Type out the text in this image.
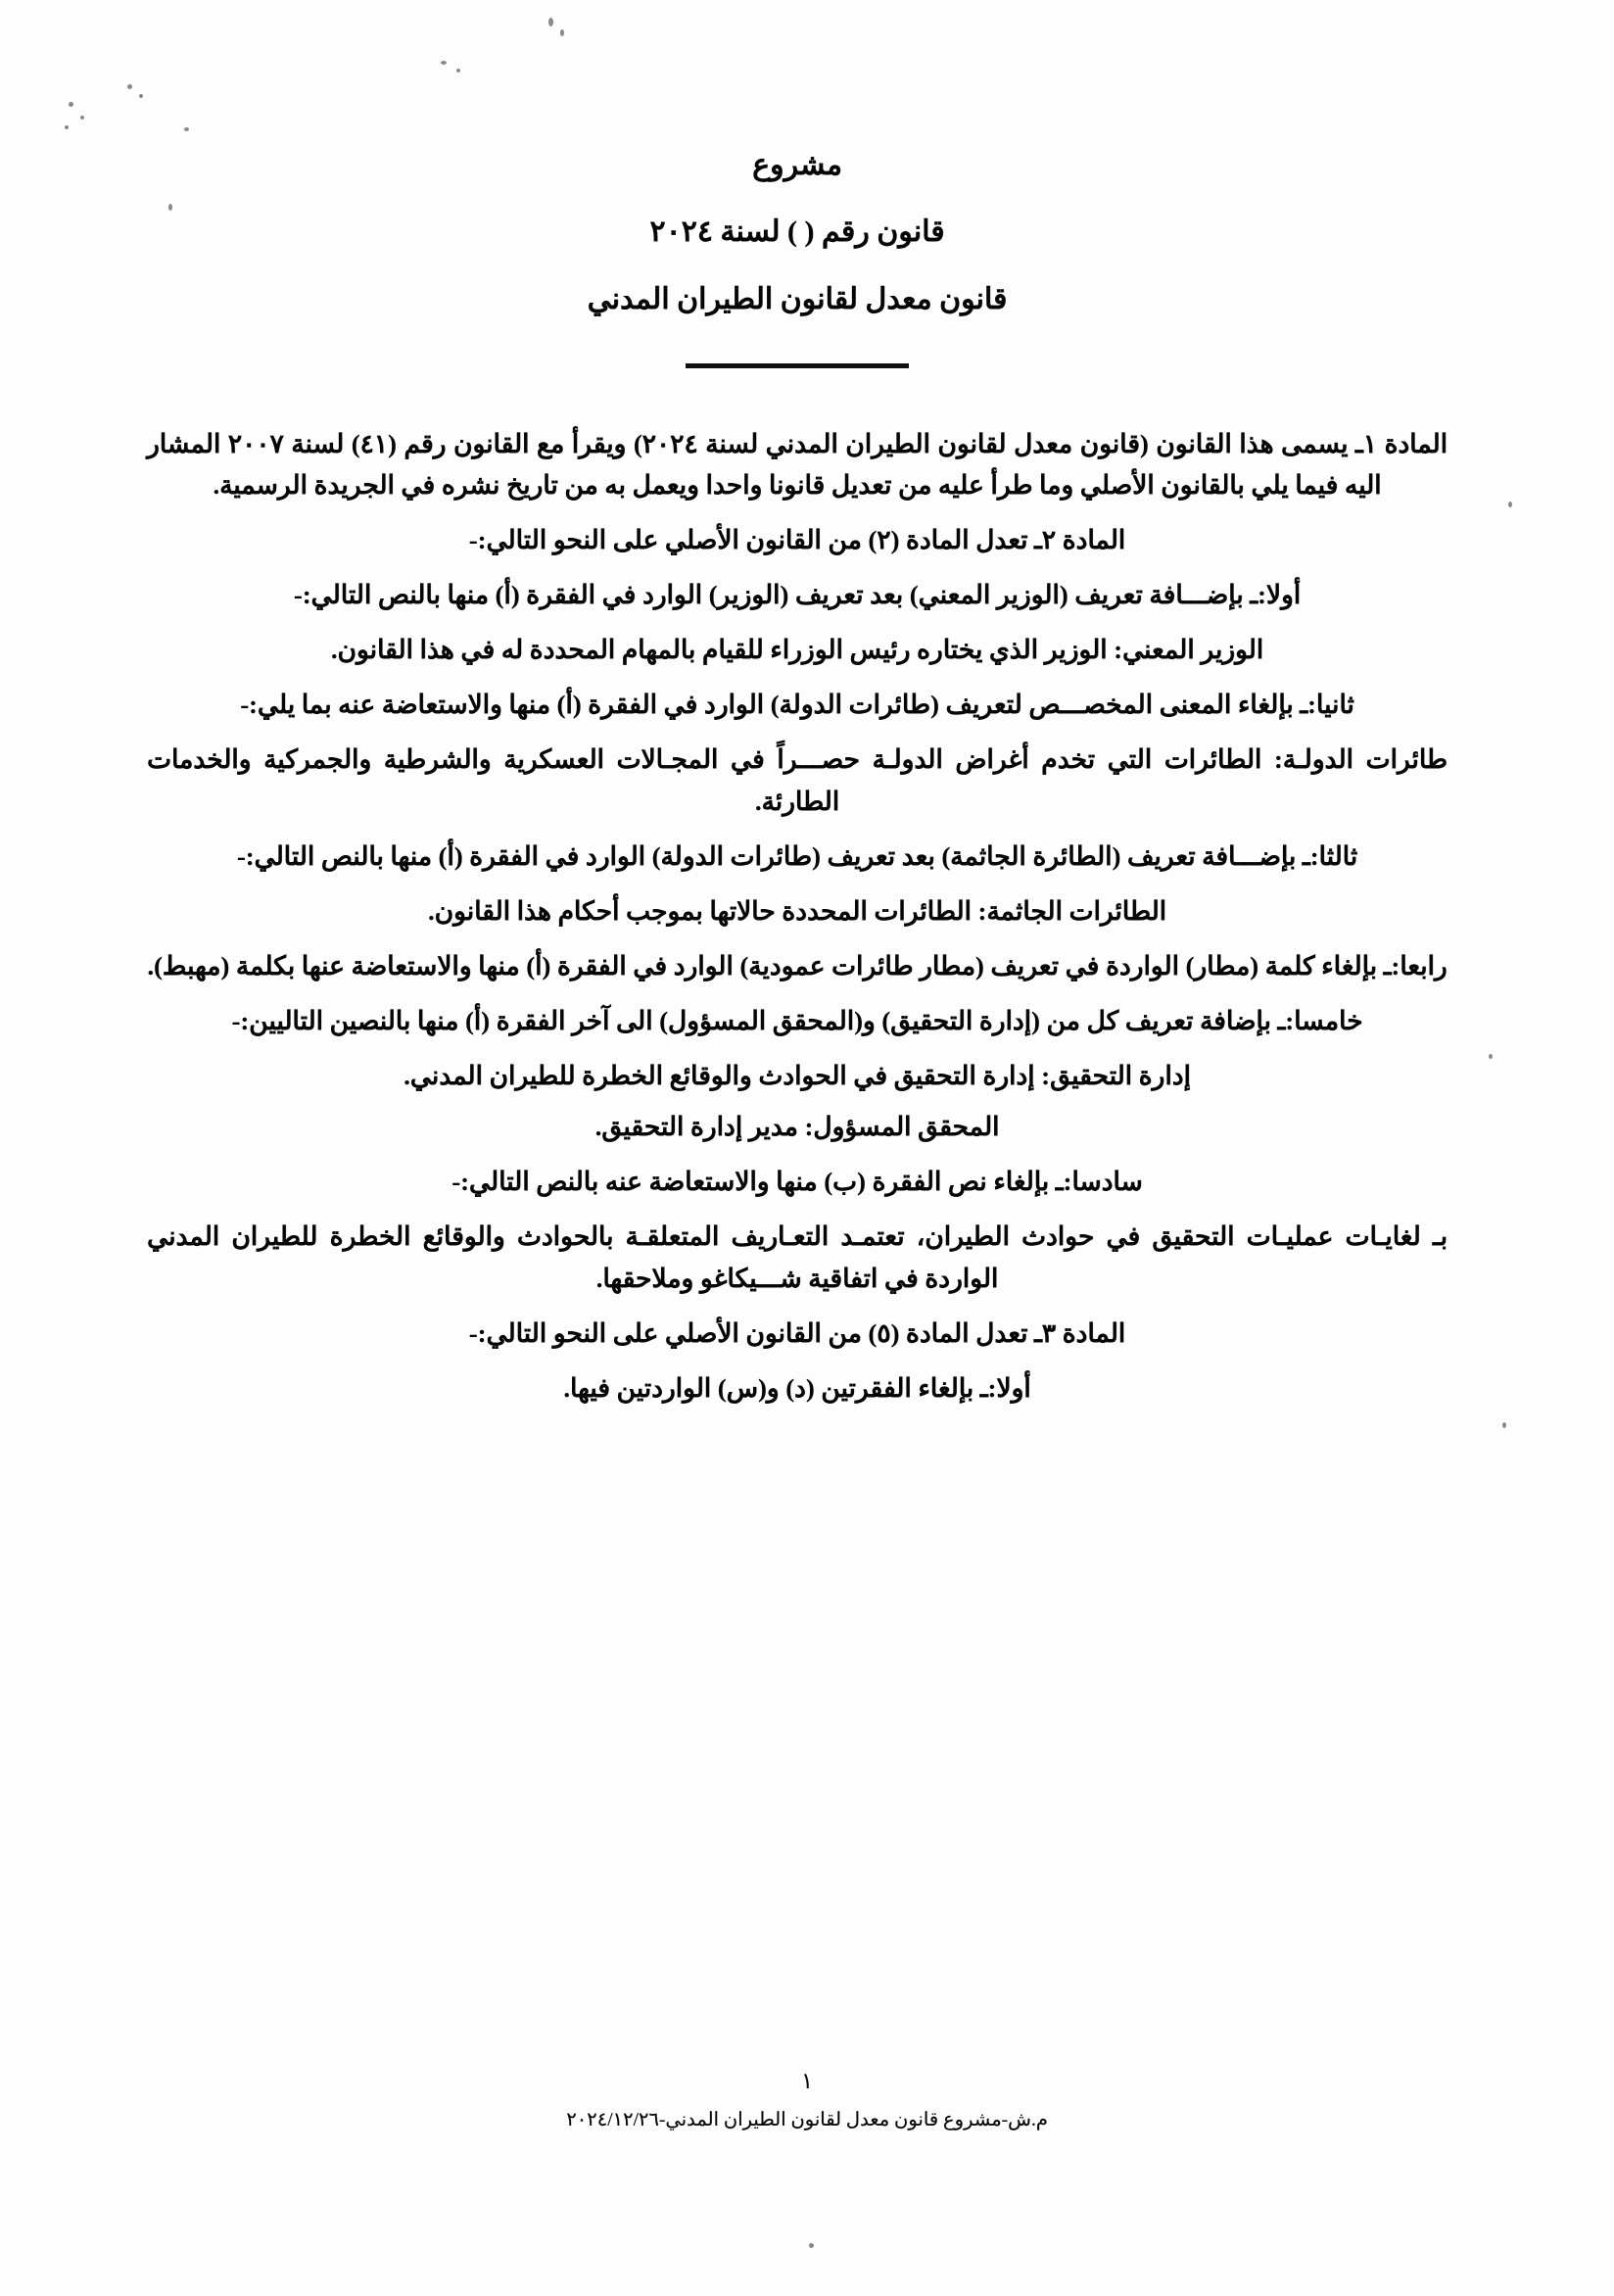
مشروع
قانون رقم ( ) لسنة ٢٠٢٤
قانون معدل لقانون الطيران المدني

المادة ١ـ يسمى هذا القانون (قانون معدل لقانون الطيران المدني لسنة ٢٠٢٤) ويقرأ مع القانون رقم (٤١) لسنة ٢٠٠٧ المشار اليه فيما يلي بالقانون الأصلي وما طرأ عليه من تعديل قانونا واحدا ويعمل به من تاريخ نشره في الجريدة الرسمية.

المادة ٢ـ تعدل المادة (٢) من القانون الأصلي على النحو التالي:-

أولا:ـ بإضـــافة تعريف (الوزير المعني) بعد تعريف (الوزير) الوارد في الفقرة (أ) منها بالنص التالي:-

الوزير المعني: الوزير الذي يختاره رئيس الوزراء للقيام بالمهام المحددة له في هذا القانون.

ثانيا:ـ بإلغاء المعنى المخصـــص لتعريف (طائرات الدولة) الوارد في الفقرة (أ) منها والاستعاضة عنه بما يلي:-

طائرات الدولـة: الطائرات التي تخدم أغراض الدولـة حصـــراً في المجـالات العسكرية والشرطية والجمركية والخدمات الطارئة.

ثالثا:ـ بإضـــافة تعريف (الطائرة الجاثمة) بعد تعريف (طائرات الدولة) الوارد في الفقرة (أ) منها بالنص التالي:-

الطائرات الجاثمة: الطائرات المحددة حالاتها بموجب أحكام هذا القانون.

رابعا:ـ بإلغاء كلمة (مطار) الواردة في تعريف (مطار طائرات عمودية) الوارد في الفقرة (أ) منها والاستعاضة عنها بكلمة (مهبط).

خامسا:ـ بإضافة تعريف كل من (إدارة التحقيق) و(المحقق المسؤول) الى آخر الفقرة (أ) منها بالنصين التاليين:-

إدارة التحقيق: إدارة التحقيق في الحوادث والوقائع الخطرة للطيران المدني.

المحقق المسؤول: مدير إدارة التحقيق.

سادسا:ـ بإلغاء نص الفقرة (ب) منها والاستعاضة عنه بالنص التالي:-

بـ لغايـات عمليـات التحقيق في حوادث الطيران، تعتمـد التعـاريف المتعلقـة بالحوادث والوقائع الخطرة للطيران المدني الواردة في اتفاقية شـــيكاغو وملاحقها.

المادة ٣ـ تعدل المادة (٥) من القانون الأصلي على النحو التالي:-

أولا:ـ بإلغاء الفقرتين (د) و(س) الواردتين فيها.

١
م.ش-مشروع قانون معدل لقانون الطيران المدني-٢٠٢٤/١٢/٢٦
